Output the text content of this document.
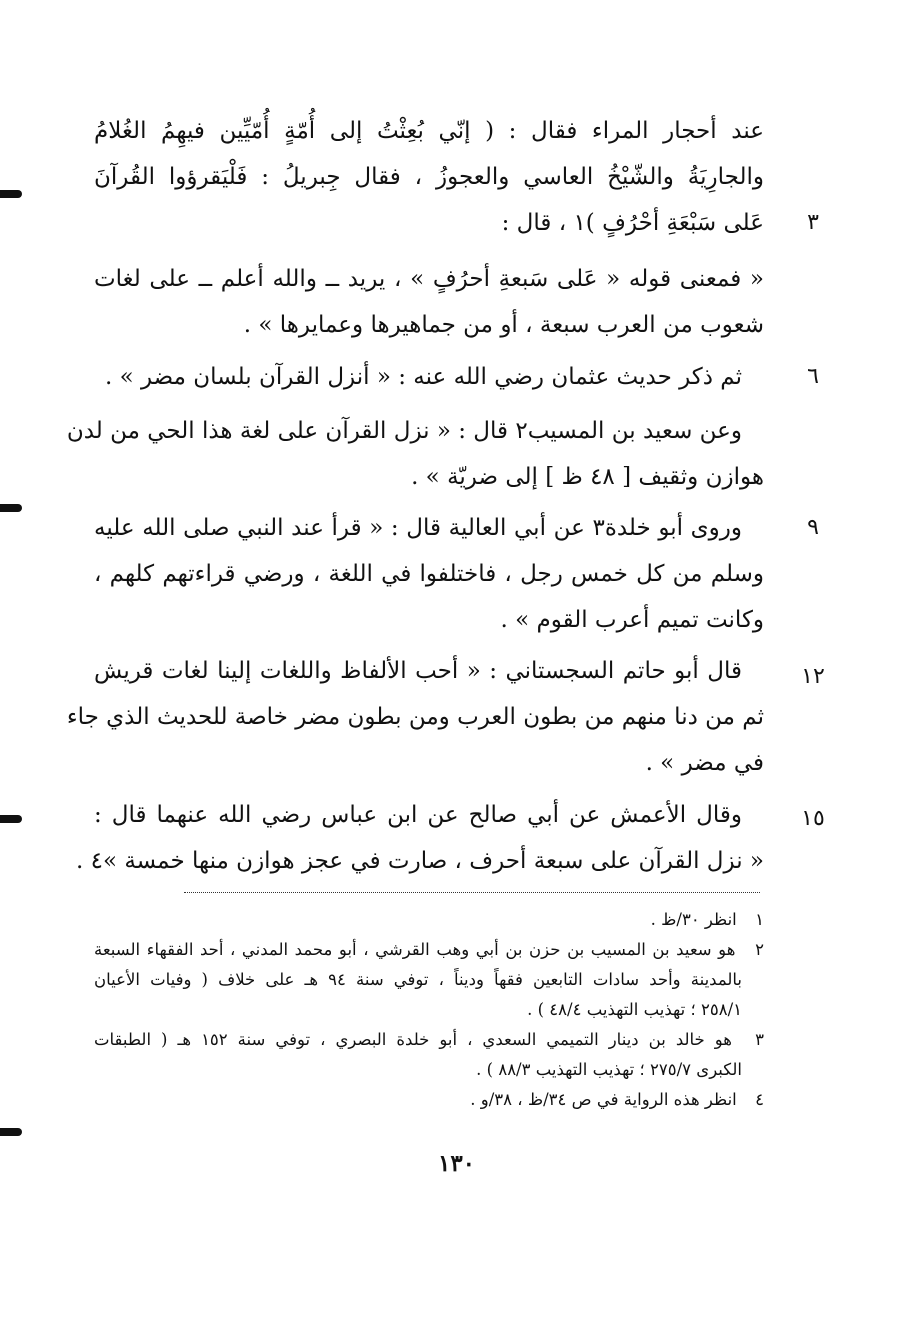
عند أحجار المراء فقال : ( إنّي بُعِثْتُ إلى أُمّةٍ أُمّيِّين فيهِمُ الغُلامُ
والجارِيَةُ والشّيْخُ العاسي والعجوزُ ، فقال جِبريلُ : فَلْيَقرؤوا القُرآنَ
عَلى سَبْعَةِ أحْرُفٍ )١ ، قال :	٣
« فمعنى قوله « عَلى سَبعةِ أحرُفٍ » ، يريد ــ والله أعلم ــ على لغات
شعوب من العرب سبعة ، أو من جماهيرها وعمايرها » .
ثم ذكر حديث عثمان رضي الله عنه : « أنزل القرآن بلسان مضر » .	٦
وعن سعيد بن المسيب٢ قال : « نزل القرآن على لغة هذا الحي من لدن
هوازن وثقيف [ ٤٨ ظ ] إلى ضريّة » .
وروى أبو خلدة٣ عن أبي العالية قال : « قرأ عند النبي صلى الله عليه
وسلم من كل خمس رجل ، فاختلفوا في اللغة ، ورضي قراءتهم كلهم ،
وكانت تميم أعرب القوم » .
٩
قال أبو حاتم السجستاني : « أحب الألفاظ واللغات إلينا لغات قريش
ثم من دنا منهم من بطون العرب ومن بطون مضر خاصة للحديث الذي جاء
في مضر » .
١٢
وقال الأعمش عن أبي صالح عن ابن عباس رضي الله عنهما قال :
« نزل القرآن على سبعة أحرف ، صارت في عجز هوازن منها خمسة »٤ .
١٥
١ انظر ٣٠/ظ .
٢ هو سعيد بن المسيب بن حزن بن أبي وهب القرشي ، أبو محمد المدني ، أحد الفقهاء السبعة
بالمدينة وأحد سادات التابعين فقهاً وديناً ، توفي سنة ٩٤ هـ على خلاف ( وفيات الأعيان
٢٥٨/١ ؛ تهذيب التهذيب ٤٨/٤ ) .
٣ هو خالد بن دينار التميمي السعدي ، أبو خلدة البصري ، توفي سنة ١٥٢ هـ ( الطبقات
الكبرى ٢٧٥/٧ ؛ تهذيب التهذيب ٨٨/٣ ) .
٤ انظر هذه الرواية في ص ٣٤/ظ ، ٣٨/و .
١٣٠
